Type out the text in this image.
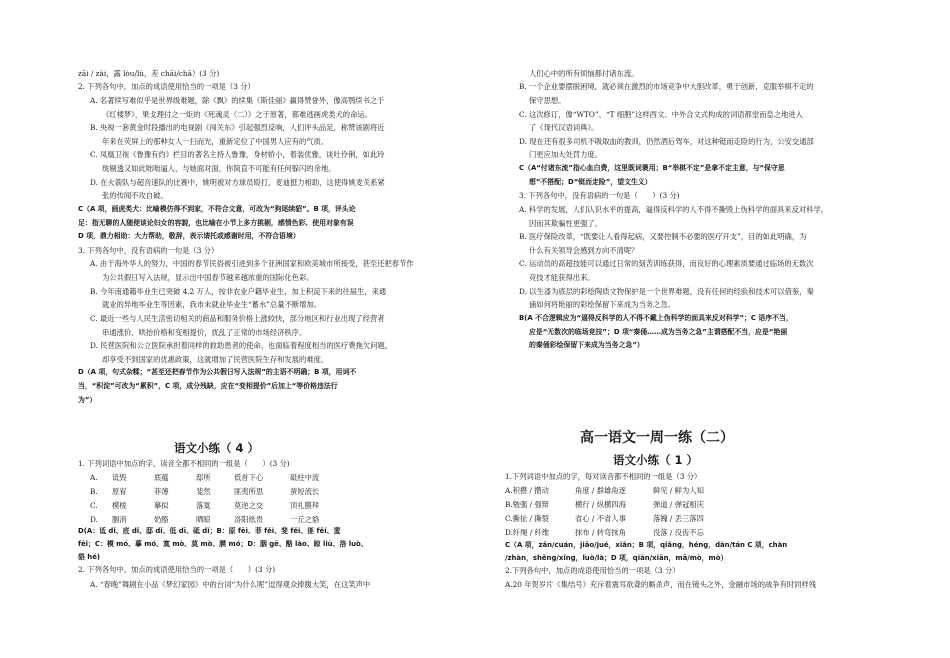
zāi / zài，露 lòu/lù，差 chāi/chā）(3 分)
2. 下列各句中，加点的成语使用恰当的一项是（3 分）
A. 名著续写难似乎是世界级难题，除《飘》的续集《斯佳丽》赢得赞誉外，像高鹗续书之于
《红楼梦》，果戈理付之一炬的《死魂灵（二）》之于原著，都难逃画虎类犬的命运。
B. 央视一套黄金时段播出的电视剧《闯关东》引起强烈反响，人们评头品足，称赞该剧将近
年来在荧屏上的那种女人一扫而光，重新定位了中国男人应有的气质。
C. 凤凰卫视《鲁豫有约》栏目的著名主持人鲁豫，身材娇小，着装优雅，谈吐伶俐，如此玲
珑剔透又如此咄咄逼人，与她面对面，你简直不可能有任何躲闪的余地。
D. 在火箭队与超音速队的比赛中，姚明被对方球员殴打，麦迪挺力相助，这使得姚麦关系紧
张的传闻不攻自破。
C（A 项，画虎类犬：比喻模仿得不到家，不符合文意，可改为“狗尾续貂”。B 项，评头论
足：指无聊的人随便谈论妇女的容貌，也比喻在小节上多方挑剔，感情色彩、使用对象有误
D 项，鼎力相助：大力帮助，敬辞，表示请托或感谢时用，不符合语境）
3. 下列各句中，没有语病的一句是（3 分）
A. 由于海外华人的努力，中国的春节民俗被引进到多个亚洲国家和欧美城市所接受，甚至还把春节作
为公共假日写入法规，显示出中国春节越来越浓重的国际化色彩。
B. 今年南通籍毕业生已突破 4.2 万人，按非农业户籍毕业生，加上积淀下来的往届生，来通
就业的异地毕业生等因素，我市未就业毕业生“蓄水”总量不断增加。
C. 最近一些与人民生活密切相关的商品和服务价格上涨较快，部分地区和行业出现了经营者
串通涨价、哄抬价格和变相提价，扰乱了正常的市场经济秩序。
D. 民营医院和公立医院承担着同样的救助患者的使命，也面临着程度相当的医疗费拖欠问题，
却享受不到国家的优惠政策，这就增加了民营医院生存和发展的难度。
D（A 项，句式杂糅；“甚至还把春节作为公共假日写入法规”的主语不明确；B 项，用词不
当，“积淀”可改为“累积”，C 项，成分残缺，应在“变相提价”后加上“等价格违法行
为”）
语文小练（ 4 ）
1. 下列词语中加点的字，读音全都不相同的一组是（　　）(3 分)
A. 诋毁	底蕴	邸所	低首下心	砥柱中流
B. 原宥	菲薄	斐然	匪夷所思	蜚短流长
C. 模棱	摹拟	落寞	莫逆之交	顶礼膜拜
D. 胭消	奶酪	晒晾	洛阳纸贵	一丘之貉
D(A：诋 dǐ、底 dǐ、邸 dǐ、低 dī、砥 dǐ；B：原 fēi、菲 fěi、斐 fěi、匪 fěi、蜚
fēi；C：模 mó、摹 mó、寞 mò、莫 mò、膜 mó；D：胭 gē、酪 lào、晾 liù、洛 luò、
貉 hé)
2. 下列各句中，加点的成语使用恰当的一项是（　　）(3 分)
A. “春晚”舞剧在小品《梦幻家园》中的台词“为什么呢”逗得观众捧腹大笑，在这笑声中
人们心中的所有烦恼都付诸东流。
B. 一个企业要摆脱困境，就必须在激烈的市场竞争中大胆改革，勇于创新，克服举棋不定的
保守思想。
C. 这次修订，像“WTO”、“T 细胞”这样西文、中外合文式构成的词语都堂而皇之地进入
了《现代汉语词典》。
D. 现在还有很多司机不吸取血的教训，仍然酒后驾车，对这种铤而走险的行为，公安交通部
门更应加大处罚力度。
C（A“付诸东流”指心血白费，这里既词褒用；B“举棋不定”是拿不定主意，与“保守思
想”不搭配；D“铤而走险”，望文生义）
3. 下列各句中，没有语病的一句是（　　）(3 分)
A. 科学的发展，人们认识水平的提高，逼得反科学的人不得不撕毁上伪科学的面具来反对科学，
因而其欺骗性更强了。
B. 医疗保险改革，“既要让人看得起病，又要控制不必要的医疗开支”，目的如此明确，为
什么有关领导会感到方向不清呢？
C. 运动员的高超技能可以通过日常的刻苦训练获得，而良好的心理素质要通过临场的无数次
竞技才能获得出来。
D. 以生漆为底层的彩绘陶质文物保护是一个世界难题，没有任何的经验和技术可以借鉴，秦
俑如何将艳丽的彩绘保留下来成为当务之急。
B(A 不合逻辑应为“逼得反科学的人不得不戴上伪科学的面具来反对科学”；C 语序不当，
应是“无数次的临场竞技”；D 项“秦俑……成为当务之急”主谓搭配不当，应是“艳丽
的秦俑彩绘保留下来成为当务之急”）
高一语文一周一练（二）
语文小练（ 1 ）
1.下列词语中加点的字，每对读音都不相同的一组是（3 分）
A.积攒 / 攒动	角度 / 群雄角逐	鲜见 / 鲜为人知
B.勉强 / 强辩	横行 / 纵横四海	弹道 / 弹冠相庆
C.撕扯 / 撕裂	省心 / 不省人事	落魄 / 丢三落四
D.纤绳 / 纤维	抹布 / 转弯抹角	没落 / 没齿不忘
C（A 项，zǎn/cuán，jiǎo/jué，xiǎn；B 项，qiǎng，héng，dàn/tán C 项，chàn
/zhàn，shěng/xǐng，luò/là；D 项，qiàn/xiān，mā/mò，mò）
2.下列各句中，加点的成语使用恰当的一项是（3 分）
A.20 年贺岁片《集结号》充斥着震耳欲聋的厮杀声，而在镜头之外，金融市场的战争有时同样残
